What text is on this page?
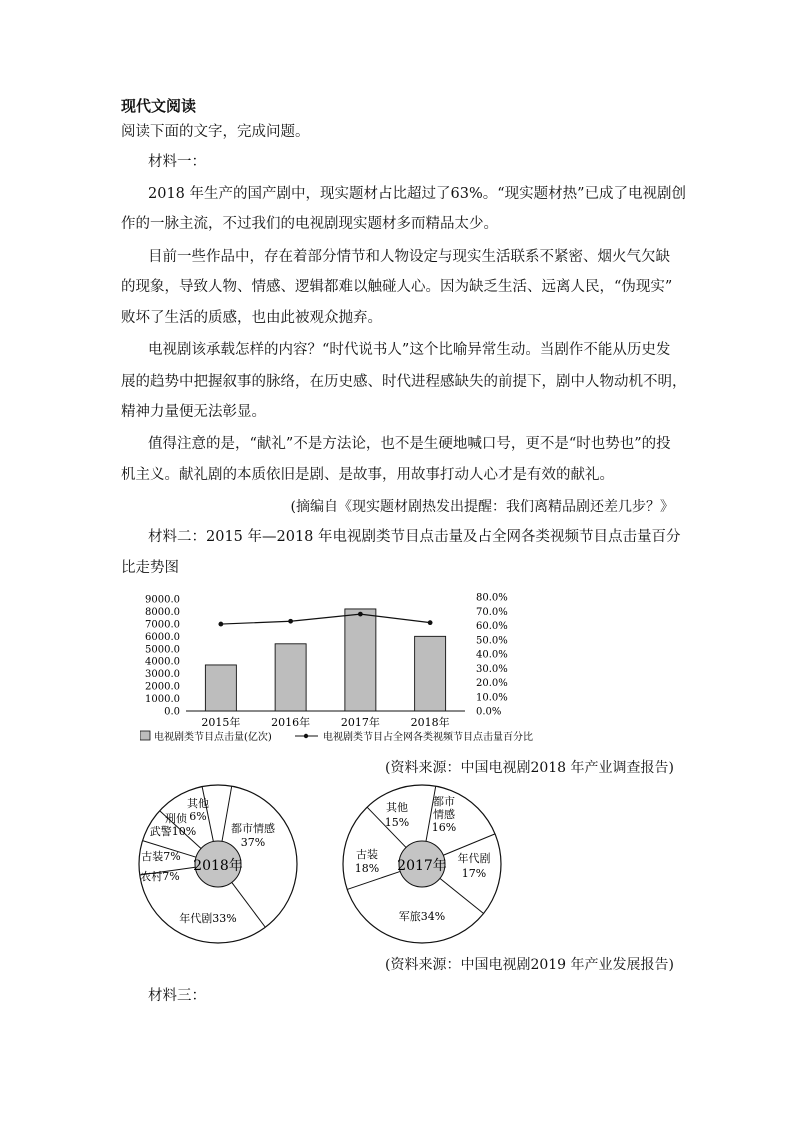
现代文阅读
阅读下面的文字，完成问题。
材料一：
2018 年生产的国产剧中，现实题材占比超过了63%。“现实题材热”已成了电视剧创
作的一脉主流，不过我们的电视剧现实题材多而精品太少。
目前一些作品中，存在着部分情节和人物设定与现实生活联系不紧密、烟火气欠缺
的现象，导致人物、情感、逻辑都难以触碰人心。因为缺乏生活、远离人民，“伪现实”
败坏了生活的质感，也由此被观众抛弃。
电视剧该承载怎样的内容？“时代说书人”这个比喻异常生动。当剧作不能从历史发
展的趋势中把握叙事的脉络，在历史感、时代进程感缺失的前提下，剧中人物动机不明，
精神力量便无法彰显。
值得注意的是，“献礼”不是方法论，也不是生硬地喊口号，更不是“时也势也”的投
机主义。献礼剧的本质依旧是剧、是故事，用故事打动人心才是有效的献礼。
(摘编自《现实题材剧热发出提醒：我们离精品剧还差几步？》
材料二：2015 年—2018 年电视剧类节目点击量及占全网各类视频节目点击量百分
比走势图
9000.0
8000.0
7000.0
6000.0
5000.0
4000.0
3000.0
2000.0
1000.0
0.0
80.0%
70.0%
60.0%
50.0%
40.0%
30.0%
20.0%
10.0%
0.0%
2015年	2016年	2017年	2018年
电视剧类节目点击量(亿次)	电视剧类节目占全网各类视频节目点击量百分比
(资料来源：中国电视剧2018 年产业调查报告)
2018年
都市情感
37%
年代剧33%
农村7%
古装7%
刑侦
武警10%
其他
6%
2017年
都市
情感
16%
年代剧
17%
军旅34%
古装
18%
其他
15%
(资料来源：中国电视剧2019 年产业发展报告)
材料三：
